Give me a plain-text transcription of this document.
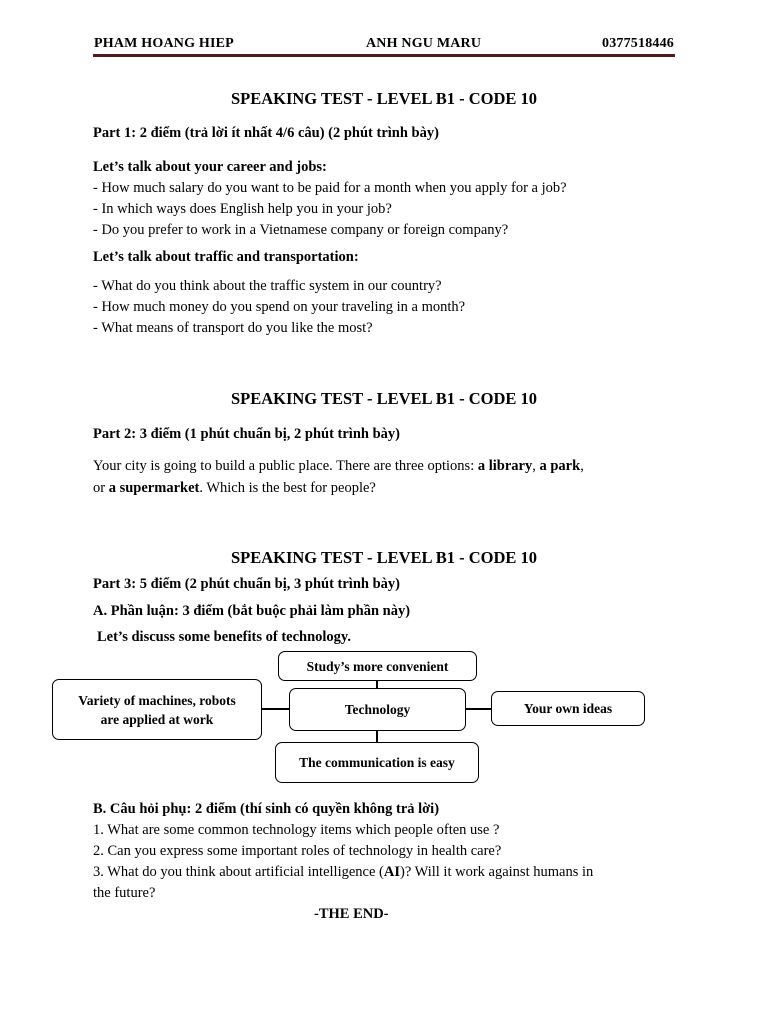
PHAM HOANG HIEP	ANH NGU MARU	0377518446
SPEAKING TEST - LEVEL B1 - CODE 10
Part 1: 2 điểm (trả lời ít nhất 4/6 câu) (2 phút trình bày)
Let’s talk about your career and jobs:
- How much salary do you want to be paid for a month when you apply for a job?
- In which ways does English help you in your job?
- Do you prefer to work in a Vietnamese company or foreign company?
Let’s talk about traffic and transportation:
- What do you think about the traffic system in our country?
- How much money do you spend on your traveling in a month?
- What means of transport do you like the most?
SPEAKING TEST - LEVEL B1 - CODE 10
Part 2: 3 điểm (1 phút chuẩn bị, 2 phút trình bày)
Your city is going to build a public place. There are three options: a library, a park,
or a supermarket. Which is the best for people?
SPEAKING TEST - LEVEL B1 - CODE 10
Part 3: 5 điểm (2 phút chuẩn bị, 3 phút trình bày)
A. Phần luận: 3 điểm (bắt buộc phải làm phần này)
Let’s discuss some benefits of technology.
Study’s more convenient
Variety of machines, robots
are applied at work
Technology	Your own ideas
The communication is easy
B. Câu hỏi phụ: 2 điểm (thí sinh có quyền không trả lời)
1. What are some common technology items which people often use ?
2. Can you express some important roles of technology in health care?
3. What do you think about artificial intelligence (AI)? Will it work against humans in
the future?
-THE END-
